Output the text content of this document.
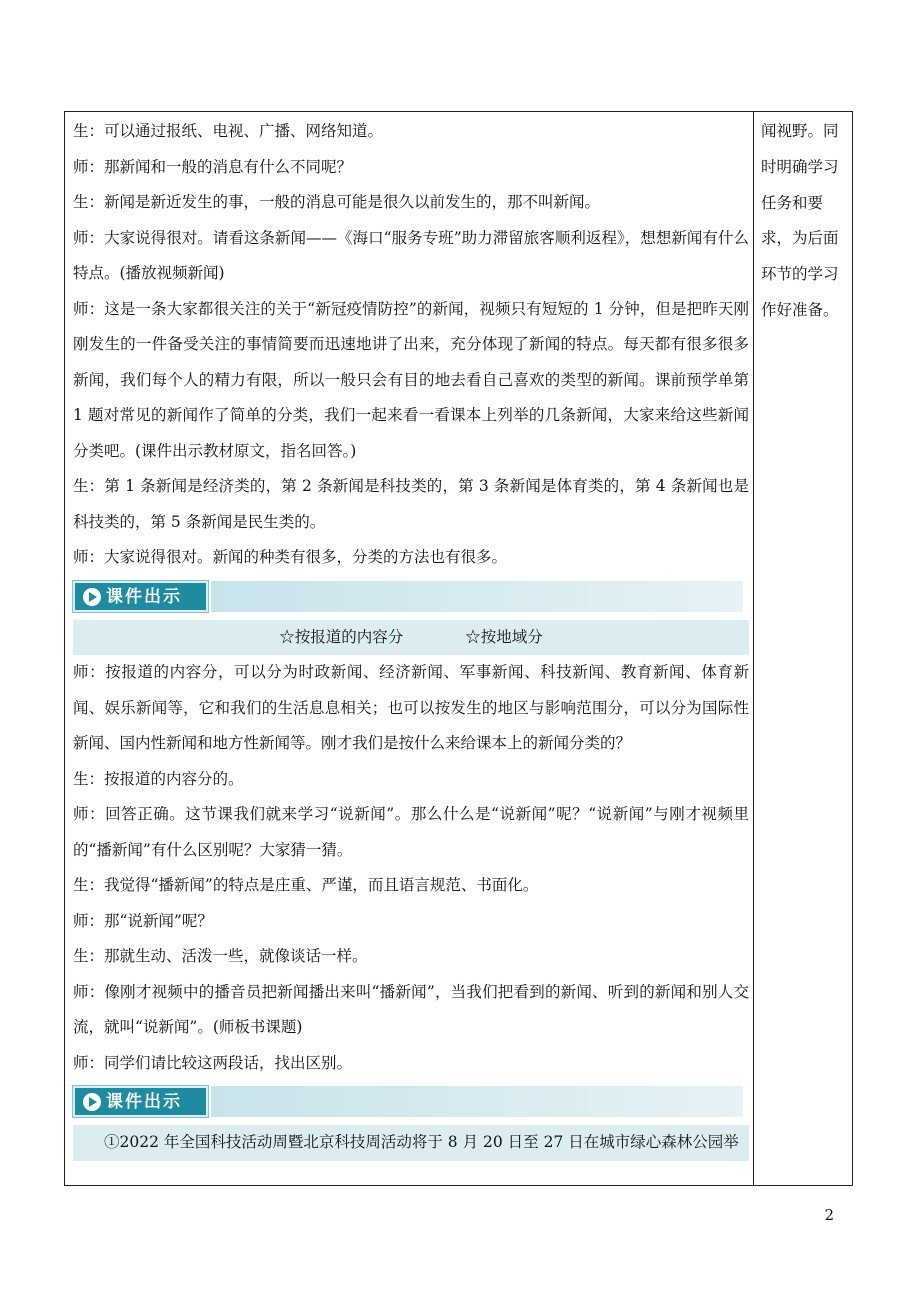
生：可以通过报纸、电视、广播、网络知道。

师：那新闻和一般的消息有什么不同呢？

生：新闻是新近发生的事，一般的消息可能是很久以前发生的，那不叫新闻。

师：大家说得很对。请看这条新闻——《海口“服务专班”助力滞留旅客顺利返程》，想想新闻有什么特点。(播放视频新闻)

师：这是一条大家都很关注的关于“新冠疫情防控”的新闻，视频只有短短的 1 分钟，但是把昨天刚刚发生的一件备受关注的事情简要而迅速地讲了出来，充分体现了新闻的特点。每天都有很多很多新闻，我们每个人的精力有限，所以一般只会有目的地去看自己喜欢的类型的新闻。课前预学单第 1 题对常见的新闻作了简单的分类，我们一起来看一看课本上列举的几条新闻，大家来给这些新闻分类吧。(课件出示教材原文，指名回答。)

生：第 1 条新闻是经济类的，第 2 条新闻是科技类的，第 3 条新闻是体育类的，第 4 条新闻也是科技类的，第 5 条新闻是民生类的。

师：大家说得很对。新闻的种类有很多，分类的方法也有很多。

课件出示

☆按报道的内容分　　　　☆按地域分

师：按报道的内容分，可以分为时政新闻、经济新闻、军事新闻、科技新闻、教育新闻、体育新闻、娱乐新闻等，它和我们的生活息息相关；也可以按发生的地区与影响范围分，可以分为国际性新闻、国内性新闻和地方性新闻等。刚才我们是按什么来给课本上的新闻分类的？

生：按报道的内容分的。

师：回答正确。这节课我们就来学习“说新闻”。那么什么是“说新闻”呢？“说新闻”与刚才视频里的“播新闻”有什么区别呢？大家猜一猜。

生：我觉得“播新闻”的特点是庄重、严谨，而且语言规范、书面化。

师：那“说新闻”呢？

生：那就生动、活泼一些，就像谈话一样。

师：像刚才视频中的播音员把新闻播出来叫“播新闻”，当我们把看到的新闻、听到的新闻和别人交流，就叫“说新闻”。(师板书课题)

师：同学们请比较这两段话，找出区别。

课件出示

①2022 年全国科技活动周暨北京科技周活动将于 8 月 20 日至 27 日在城市绿心森林公园举

闻视野。同时明确学习任务和要求，为后面环节的学习作好准备。

2
